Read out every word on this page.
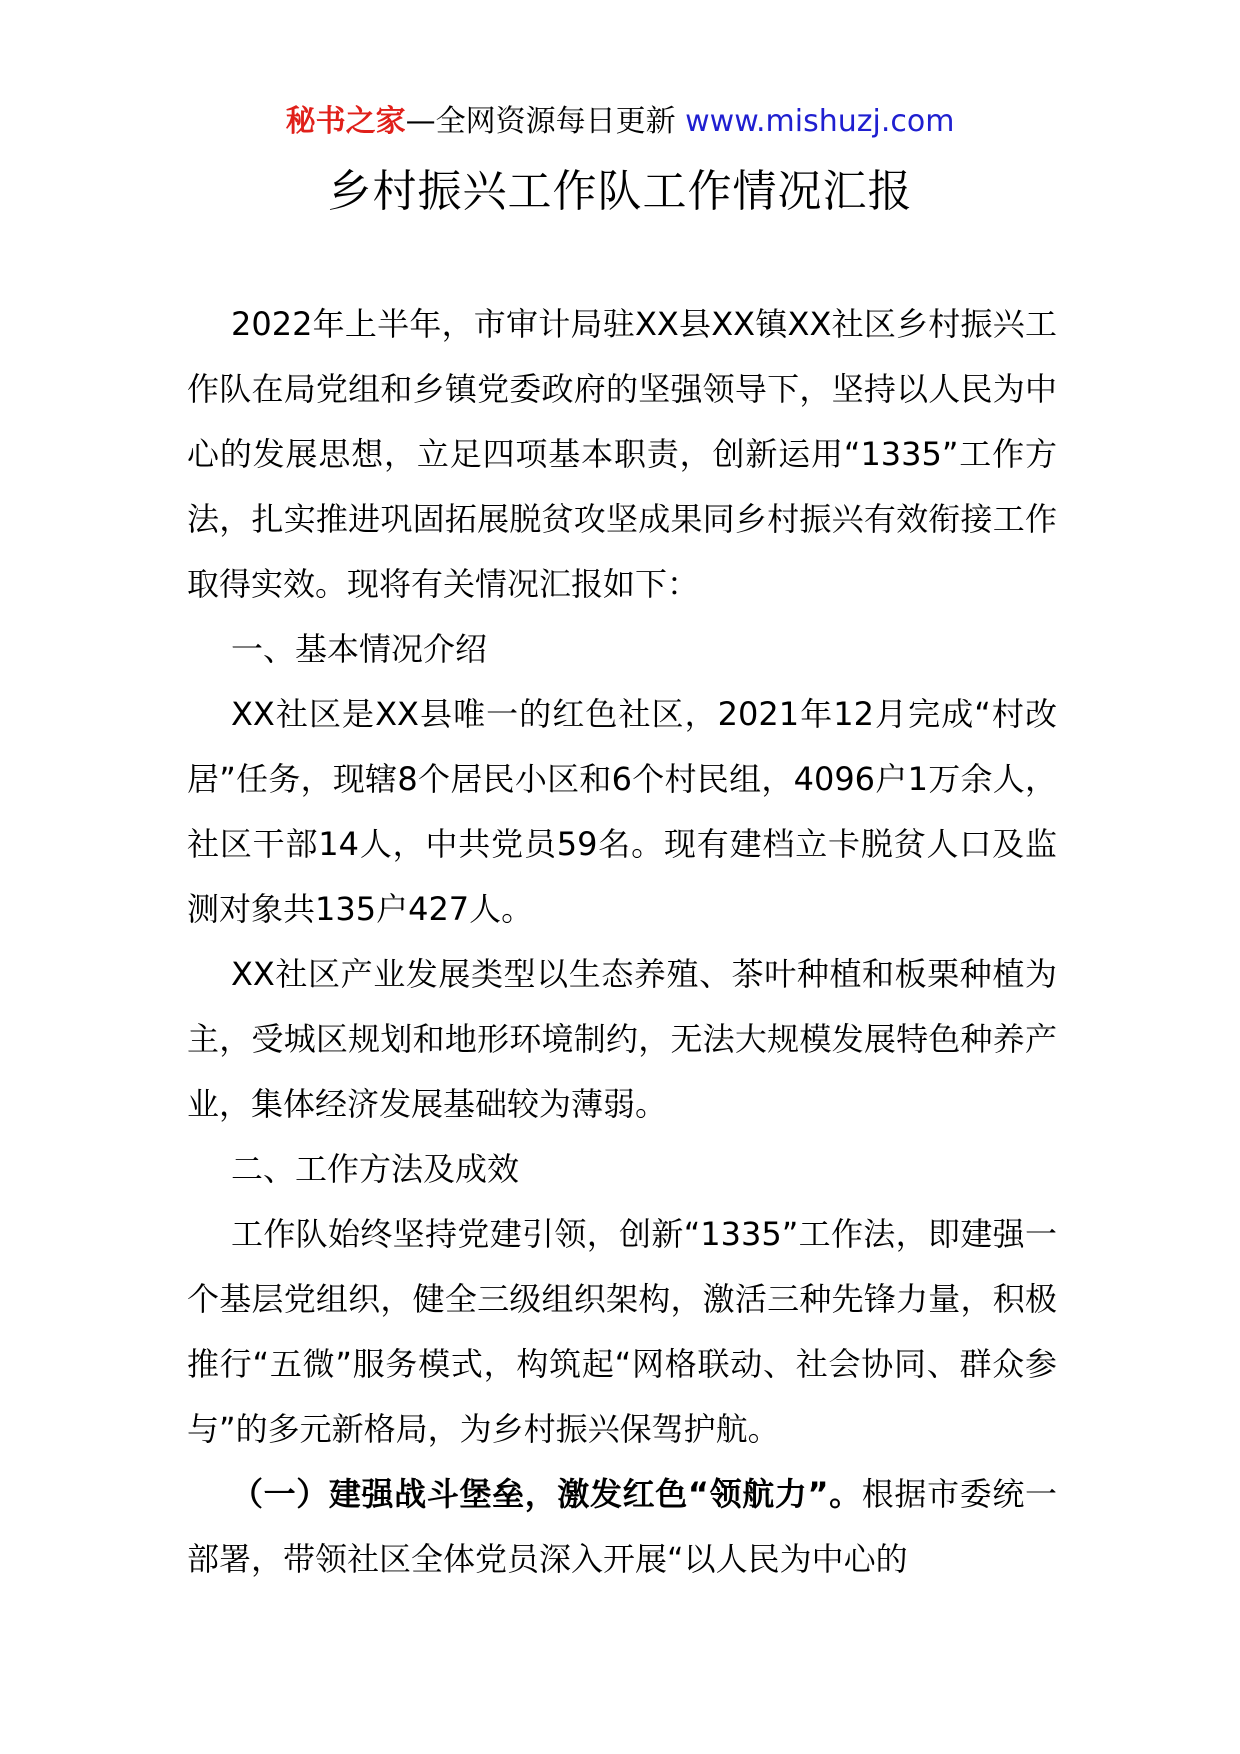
秘书之家—全网资源每日更新 www.mishuzj.com
乡村振兴工作队工作情况汇报

2022年上半年，市审计局驻XX县XX镇XX社区乡村振兴工作队在局党组和乡镇党委政府的坚强领导下，坚持以人民为中心的发展思想，立足四项基本职责，创新运用“1335”工作方法，扎实推进巩固拓展脱贫攻坚成果同乡村振兴有效衔接工作取得实效。现将有关情况汇报如下：

一、基本情况介绍

XX社区是XX县唯一的红色社区，2021年12月完成“村改居”任务，现辖8个居民小区和6个村民组，4096户1万余人，社区干部14人，中共党员59名。现有建档立卡脱贫人口及监测对象共135户427人。

XX社区产业发展类型以生态养殖、茶叶种植和板栗种植为主，受城区规划和地形环境制约，无法大规模发展特色种养产业，集体经济发展基础较为薄弱。

二、工作方法及成效

工作队始终坚持党建引领，创新“1335”工作法，即建强一个基层党组织，健全三级组织架构，激活三种先锋力量，积极推行“五微”服务模式，构筑起“网格联动、社会协同、群众参与”的多元新格局，为乡村振兴保驾护航。

（一）建强战斗堡垒，激发红色“领航力”。根据市委统一部署，带领社区全体党员深入开展“以人民为中心的
